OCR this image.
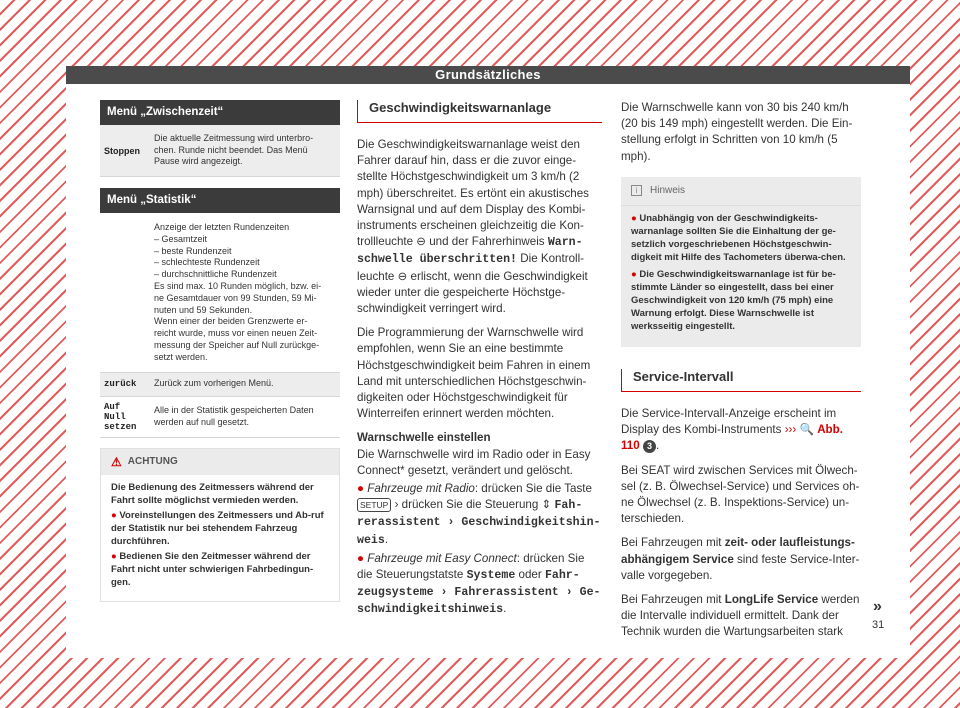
Grundsätzliches
Menü „Zwischenzeit“
Stoppen
Die aktuelle Zeitmessung wird unterbro-
chen. Runde nicht beendet. Das Menü
Pause wird angezeigt.
Menü „Statistik“
Anzeige der letzten Rundenzeiten
– Gesamtzeit
– beste Rundenzeit
– schlechteste Rundenzeit
– durchschnittliche Rundenzeit
Es sind max. 10 Runden möglich, bzw. ei-
ne Gesamtdauer von 99 Stunden, 59 Mi-
nuten und 59 Sekunden.
Wenn einer der beiden Grenzwerte er-
reicht wurde, muss vor einen neuen Zeit-
messung der Speicher auf Null zurückge-
setzt werden.
zurück	Zurück zum vorherigen Menü.
Auf Null setzen
Alle in der Statistik gespeicherten Daten
werden auf null gesetzt.
⚠ ACHTUNG

Die Bedienung des Zeitmessers während der Fahrt sollte möglichst vermieden werden.

● Voreinstellungen des Zeitmessers und Ab-ruf der Statistik nur bei stehendem Fahrzeug durchführen.

● Bedienen Sie den Zeitmesser während der Fahrt nicht unter schwierigen Fahrbedingun-gen.

Geschwindigkeitswarnanlage

Die Geschwindigkeitswarnanlage weist den Fahrer darauf hin, dass er die zuvor einge-stellte Höchstgeschwindigkeit um 3 km/h (2 mph) überschreitet. Es ertönt ein akustisches Warnsignal und auf dem Display des Kombi-instruments erscheinen gleichzeitig die Kon-trollleuchte ⊖ und der Fahrerhinweis Warn-schwelle überschritten! Die Kontroll-leuchte ⊖ erlischt, wenn die Geschwindigkeit wieder unter die gespeicherte Höchstge-schwindigkeit verringert wird.

Die Programmierung der Warnschwelle wird empfohlen, wenn Sie an eine bestimmte Höchstgeschwindigkeit beim Fahren in einem Land mit unterschiedlichen Höchstgeschwin-digkeiten oder Höchstgeschwindigkeit für Winterreifen erinnert werden möchten.

Warnschwelle einstellen

Die Warnschwelle wird im Radio oder in Easy Connect* gesetzt, verändert und gelöscht.

● Fahrzeuge mit Radio: drücken Sie die Taste SETUP › drücken Sie die Steuerung ⇕ Fah-rerassistent › Geschwindigkeitshin-weis.

● Fahrzeuge mit Easy Connect: drücken Sie die Steuerungstatste Systeme oder Fahr-zeugsysteme › Fahrerassistent › Ge-schwindigkeitshinweis.

Die Warnschwelle kann von 30 bis 240 km/h (20 bis 149 mph) eingestellt werden. Die Ein-stellung erfolgt in Schritten von 10 km/h (5 mph).

i	Hinweis

● Unabhängig von der Geschwindigkeits-warnanlage sollten Sie die Einhaltung der ge-setzlich vorgeschriebenen Höchstgeschwin-digkeit mit Hilfe des Tachometers überwa-chen.

● Die Geschwindigkeitswarnanlage ist für be-stimmte Länder so eingestellt, dass bei einer Geschwindigkeit von 120 km/h (75 mph) eine Warnung erfolgt. Diese Warnschwelle ist werksseitig eingestellt.

Service-Intervall

Die Service-Intervall-Anzeige erscheint im Display des Kombi-Instruments ››› 🔍 Abb. 110 3 .

Bei SEAT wird zwischen Services mit Ölwech-sel (z. B. Ölwechsel-Service) und Services oh-ne Ölwechsel (z. B. Inspektions-Service) un-terschieden.

Bei Fahrzeugen mit zeit- oder laufleistungs-abhängigem Service sind feste Service-Inter-valle vorgegeben.

Bei Fahrzeugen mit LongLife Service werden die Intervalle individuell ermittelt. Dank der Technik wurden die Wartungsarbeiten stark

»
31
